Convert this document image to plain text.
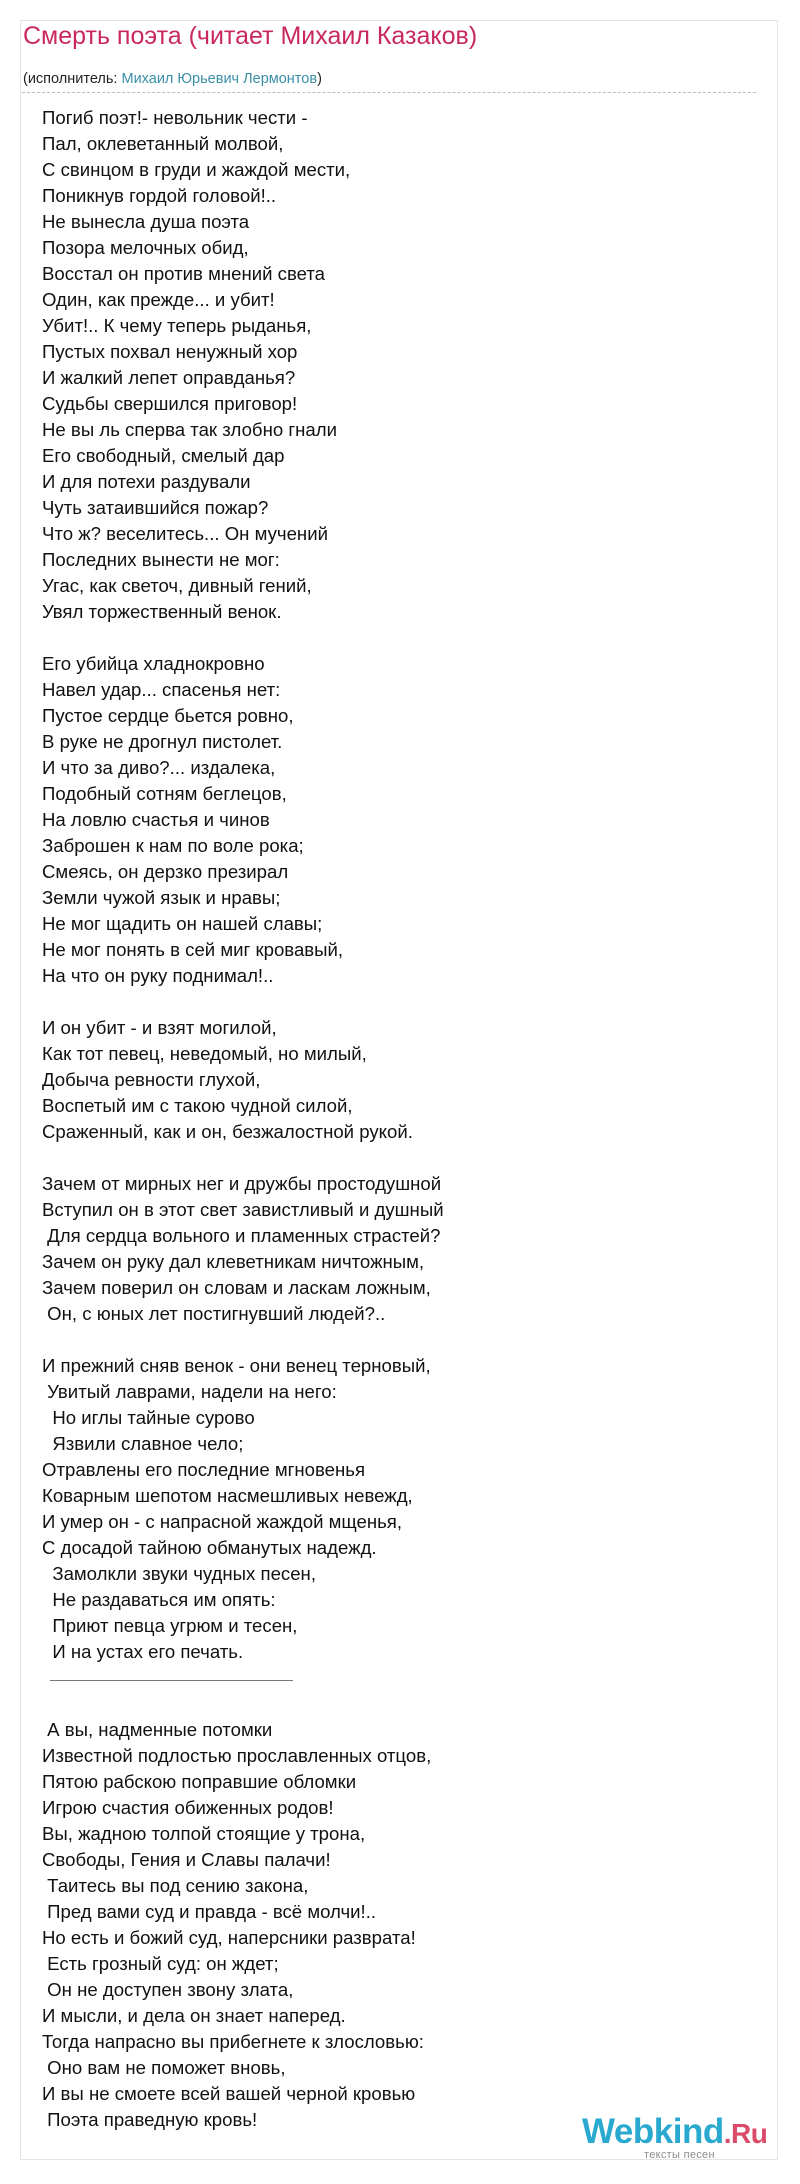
Смерть поэта (читает Михаил Казаков)
(исполнитель: Михаил Юрьевич Лермонтов)
Погиб поэт!- невольник чести -
Пал, оклеветанный молвой,
С свинцом в груди и жаждой мести,
Поникнув гордой головой!..
Не вынесла душа поэта
Позора мелочных обид,
Восстал он против мнений света
Один, как прежде... и убит!
Убит!.. К чему теперь рыданья,
Пустых похвал ненужный хор
И жалкий лепет оправданья?
Судьбы свершился приговор!
Не вы ль сперва так злобно гнали
Его свободный, смелый дар
И для потехи раздували
Чуть затаившийся пожар?
Что ж? веселитесь... Он мучений
Последних вынести не мог:
Угас, как светоч, дивный гений,
Увял торжественный венок.
Его убийца хладнокровно
Навел удар... спасенья нет:
Пустое сердце бьется ровно,
В руке не дрогнул пистолет.
И что за диво?... издалека,
Подобный сотням беглецов,
На ловлю счастья и чинов
Заброшен к нам по воле рока;
Смеясь, он дерзко презирал
Земли чужой язык и нравы;
Не мог щадить он нашей славы;
Не мог понять в сей миг кровавый,
На что он руку поднимал!..
И он убит - и взят могилой,
Как тот певец, неведомый, но милый,
Добыча ревности глухой,
Воспетый им с такою чудной силой,
Сраженный, как и он, безжалостной рукой.
Зачем от мирных нег и дружбы простодушной
Вступил он в этот свет завистливый и душный
Для сердца вольного и пламенных страстей?
Зачем он руку дал клеветникам ничтожным,
Зачем поверил он словам и ласкам ложным,
Он, с юных лет постигнувший людей?..
И прежний сняв венок - они венец терновый,
Увитый лаврами, надели на него:
Но иглы тайные сурово
Язвили славное чело;
Отравлены его последние мгновенья
Коварным шепотом насмешливых невежд,
И умер он - с напрасной жаждой мщенья,
С досадой тайною обманутых надежд.
Замолкли звуки чудных песен,
Не раздаваться им опять:
Приют певца угрюм и тесен,
И на устах его печать.
А вы, надменные потомки
Известной подлостью прославленных отцов,
Пятою рабскою поправшие обломки
Игрою счастия обиженных родов!
Вы, жадною толпой стоящие у трона,
Свободы, Гения и Славы палачи!
Таитесь вы под сению закона,
Пред вами суд и правда - всё молчи!..
Но есть и божий суд, наперсники разврата!
Есть грозный суд: он ждет;
Он не доступен звону злата,
И мысли, и дела он знает наперед.
Тогда напрасно вы прибегнете к злословью:
Оно вам не поможет вновь,
И вы не смоете всей вашей черной кровью
Поэта праведную кровь!	Webkind.Ru
тексты песен
